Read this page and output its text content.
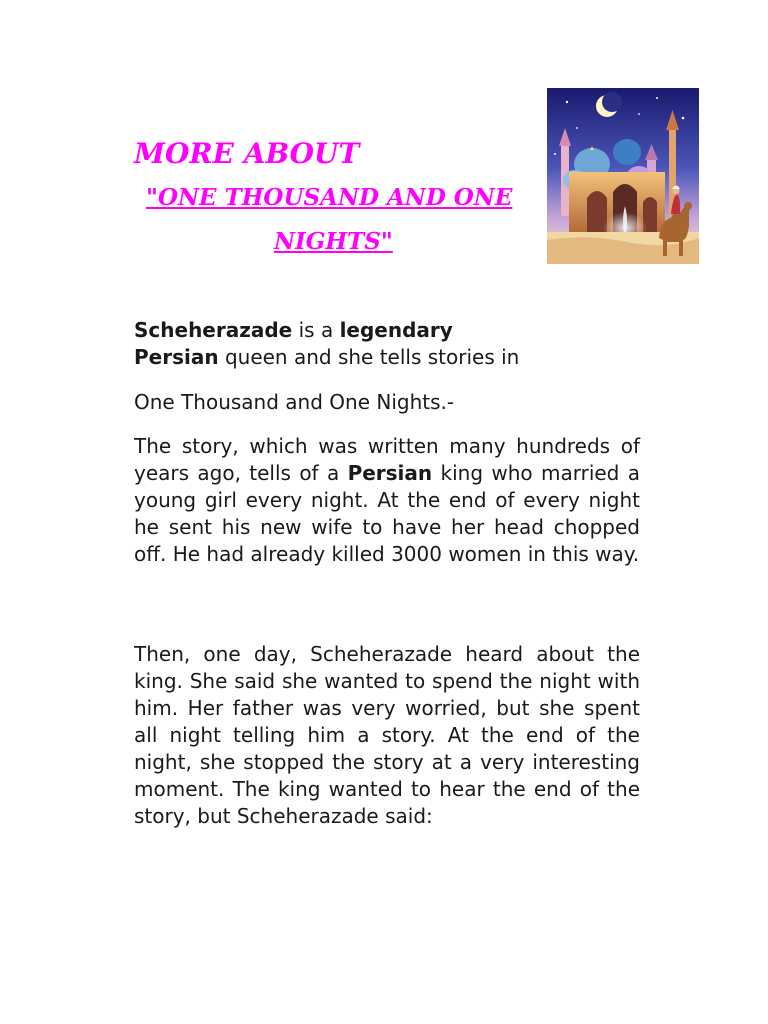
MORE ABOUT

"ONE THOUSAND AND ONE

NIGHTS"

Scheherazade is a legendary
Persian queen and she tells stories in

One Thousand and One Nights.-

The story, which was written many hundreds of years ago, tells of a Persian king who married a young girl every night. At the end of every night he sent his new wife to have her head chopped off. He had already killed 3000 women in this way.

Then, one day, Scheherazade heard about the king. She said she wanted to spend the night with him. Her father was very worried, but she spent all night telling him a story. At the end of the night, she stopped the story at a very interesting moment. The king wanted to hear the end of the story, but Scheherazade said:
